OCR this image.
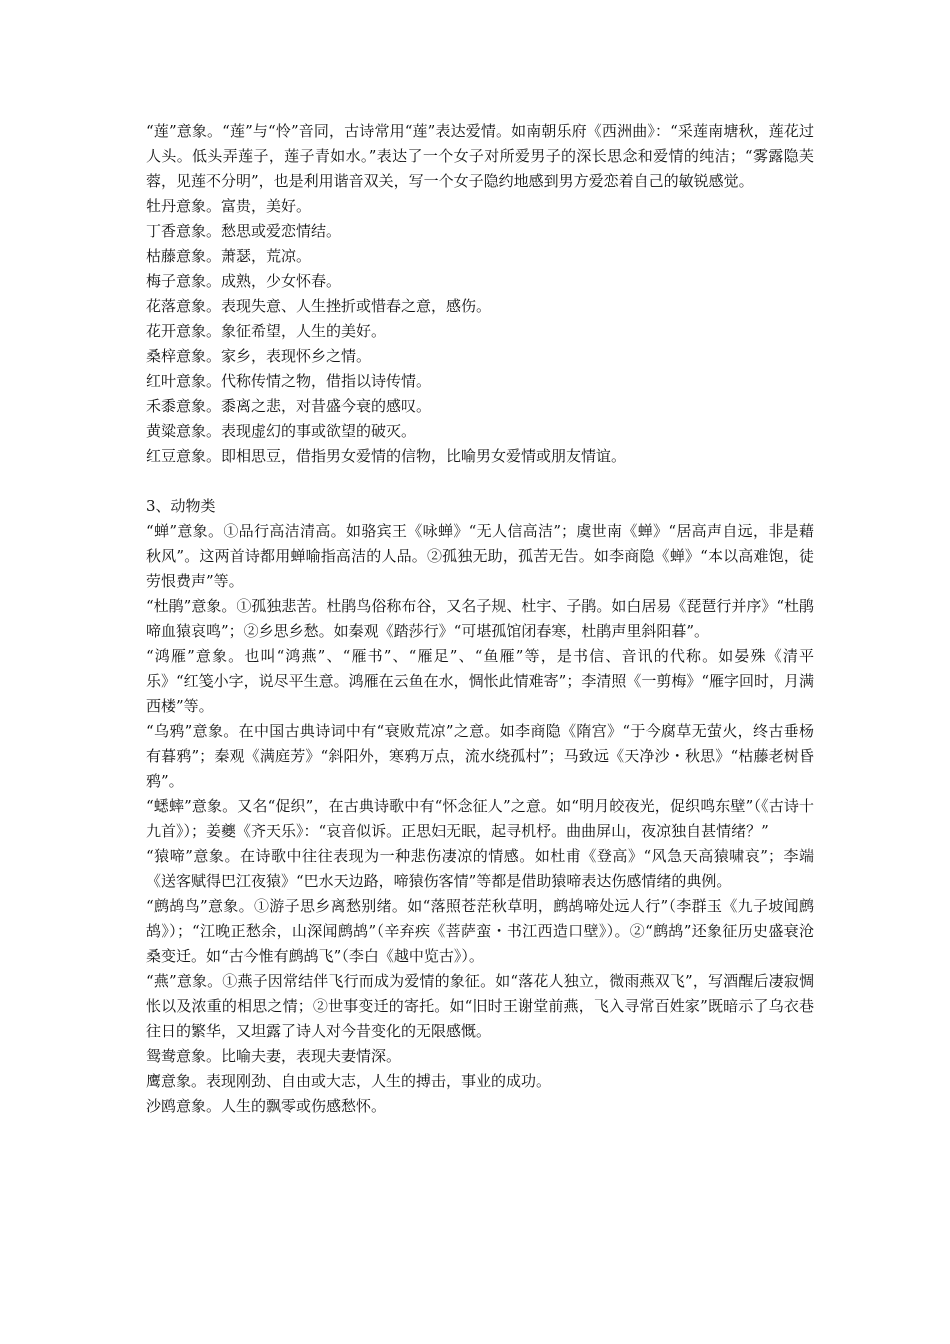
“莲”意象。“莲”与“怜”音同，古诗常用“莲”表达爱情。如南朝乐府《西洲曲》：“采莲南塘秋，莲花过人头。低头弄莲子，莲子青如水。”表达了一个女子对所爱男子的深长思念和爱情的纯洁；“雾露隐芙蓉，见莲不分明”，也是利用谐音双关，写一个女子隐约地感到男方爱恋着自己的敏锐感觉。

牡丹意象。富贵，美好。

丁香意象。愁思或爱恋情结。

枯藤意象。萧瑟，荒凉。

梅子意象。成熟，少女怀春。

花落意象。表现失意、人生挫折或惜春之意，感伤。

花开意象。象征希望，人生的美好。

桑梓意象。家乡，表现怀乡之情。

红叶意象。代称传情之物，借指以诗传情。

禾黍意象。黍离之悲，对昔盛今衰的感叹。

黄粱意象。表现虚幻的事或欲望的破灭。

红豆意象。即相思豆，借指男女爱情的信物，比喻男女爱情或朋友情谊。

3、动物类

“蝉”意象。①品行高洁清高。如骆宾王《咏蝉》“无人信高洁”；虞世南《蝉》“居高声自远，非是藉秋风”。这两首诗都用蝉喻指高洁的人品。②孤独无助，孤苦无告。如李商隐《蝉》“本以高难饱，徒劳恨费声”等。

“杜鹃”意象。①孤独悲苦。杜鹃鸟俗称布谷，又名子规、杜宇、子鹃。如白居易《琵琶行并序》“杜鹃啼血猿哀鸣”；②乡思乡愁。如秦观《踏莎行》“可堪孤馆闭春寒，杜鹃声里斜阳暮”。

“鸿雁”意象。也叫“鸿燕”、“雁书”、“雁足”、“鱼雁”等，是书信、音讯的代称。如晏殊《清平乐》“红笺小字，说尽平生意。鸿雁在云鱼在水，惆怅此情难寄”；李清照《一剪梅》“雁字回时，月满西楼”等。

“乌鸦”意象。在中国古典诗词中有“衰败荒凉”之意。如李商隐《隋宫》“于今腐草无萤火，终古垂杨有暮鸦”；秦观《满庭芳》“斜阳外，寒鸦万点，流水绕孤村”；马致远《天净沙・秋思》“枯藤老树昏鸦”。

“蟋蟀”意象。又名“促织”，在古典诗歌中有“怀念征人”之意。如“明月皎夜光，促织鸣东壁”（《古诗十九首》）；姜夔《齐天乐》：“哀音似诉。正思妇无眠，起寻机杼。曲曲屏山，夜凉独自甚情绪？”

“猿啼”意象。在诗歌中往往表现为一种悲伤凄凉的情感。如杜甫《登高》“风急天高猿啸哀”；李端《送客赋得巴江夜猿》“巴水天边路，啼猿伤客情”等都是借助猿啼表达伤感情绪的典例。

“鹧鸪鸟”意象。①游子思乡离愁别绪。如“落照苍茫秋草明，鹧鸪啼处远人行”（李群玉《九子坡闻鹧鸪》）；“江晚正愁余，山深闻鹧鸪”（辛弃疾《菩萨蛮・书江西造口壁》）。②“鹧鸪”还象征历史盛衰沧桑变迁。如“古今惟有鹧鸪飞”（李白《越中览古》）。

“燕”意象。①燕子因常结伴飞行而成为爱情的象征。如“落花人独立，微雨燕双飞”，写酒醒后凄寂惆怅以及浓重的相思之情；②世事变迁的寄托。如“旧时王谢堂前燕，飞入寻常百姓家”既暗示了乌衣巷往日的繁华，又坦露了诗人对今昔变化的无限感慨。

鸳鸯意象。比喻夫妻，表现夫妻情深。

鹰意象。表现刚劲、自由或大志，人生的搏击，事业的成功。

沙鸥意象。人生的飘零或伤感愁怀。
